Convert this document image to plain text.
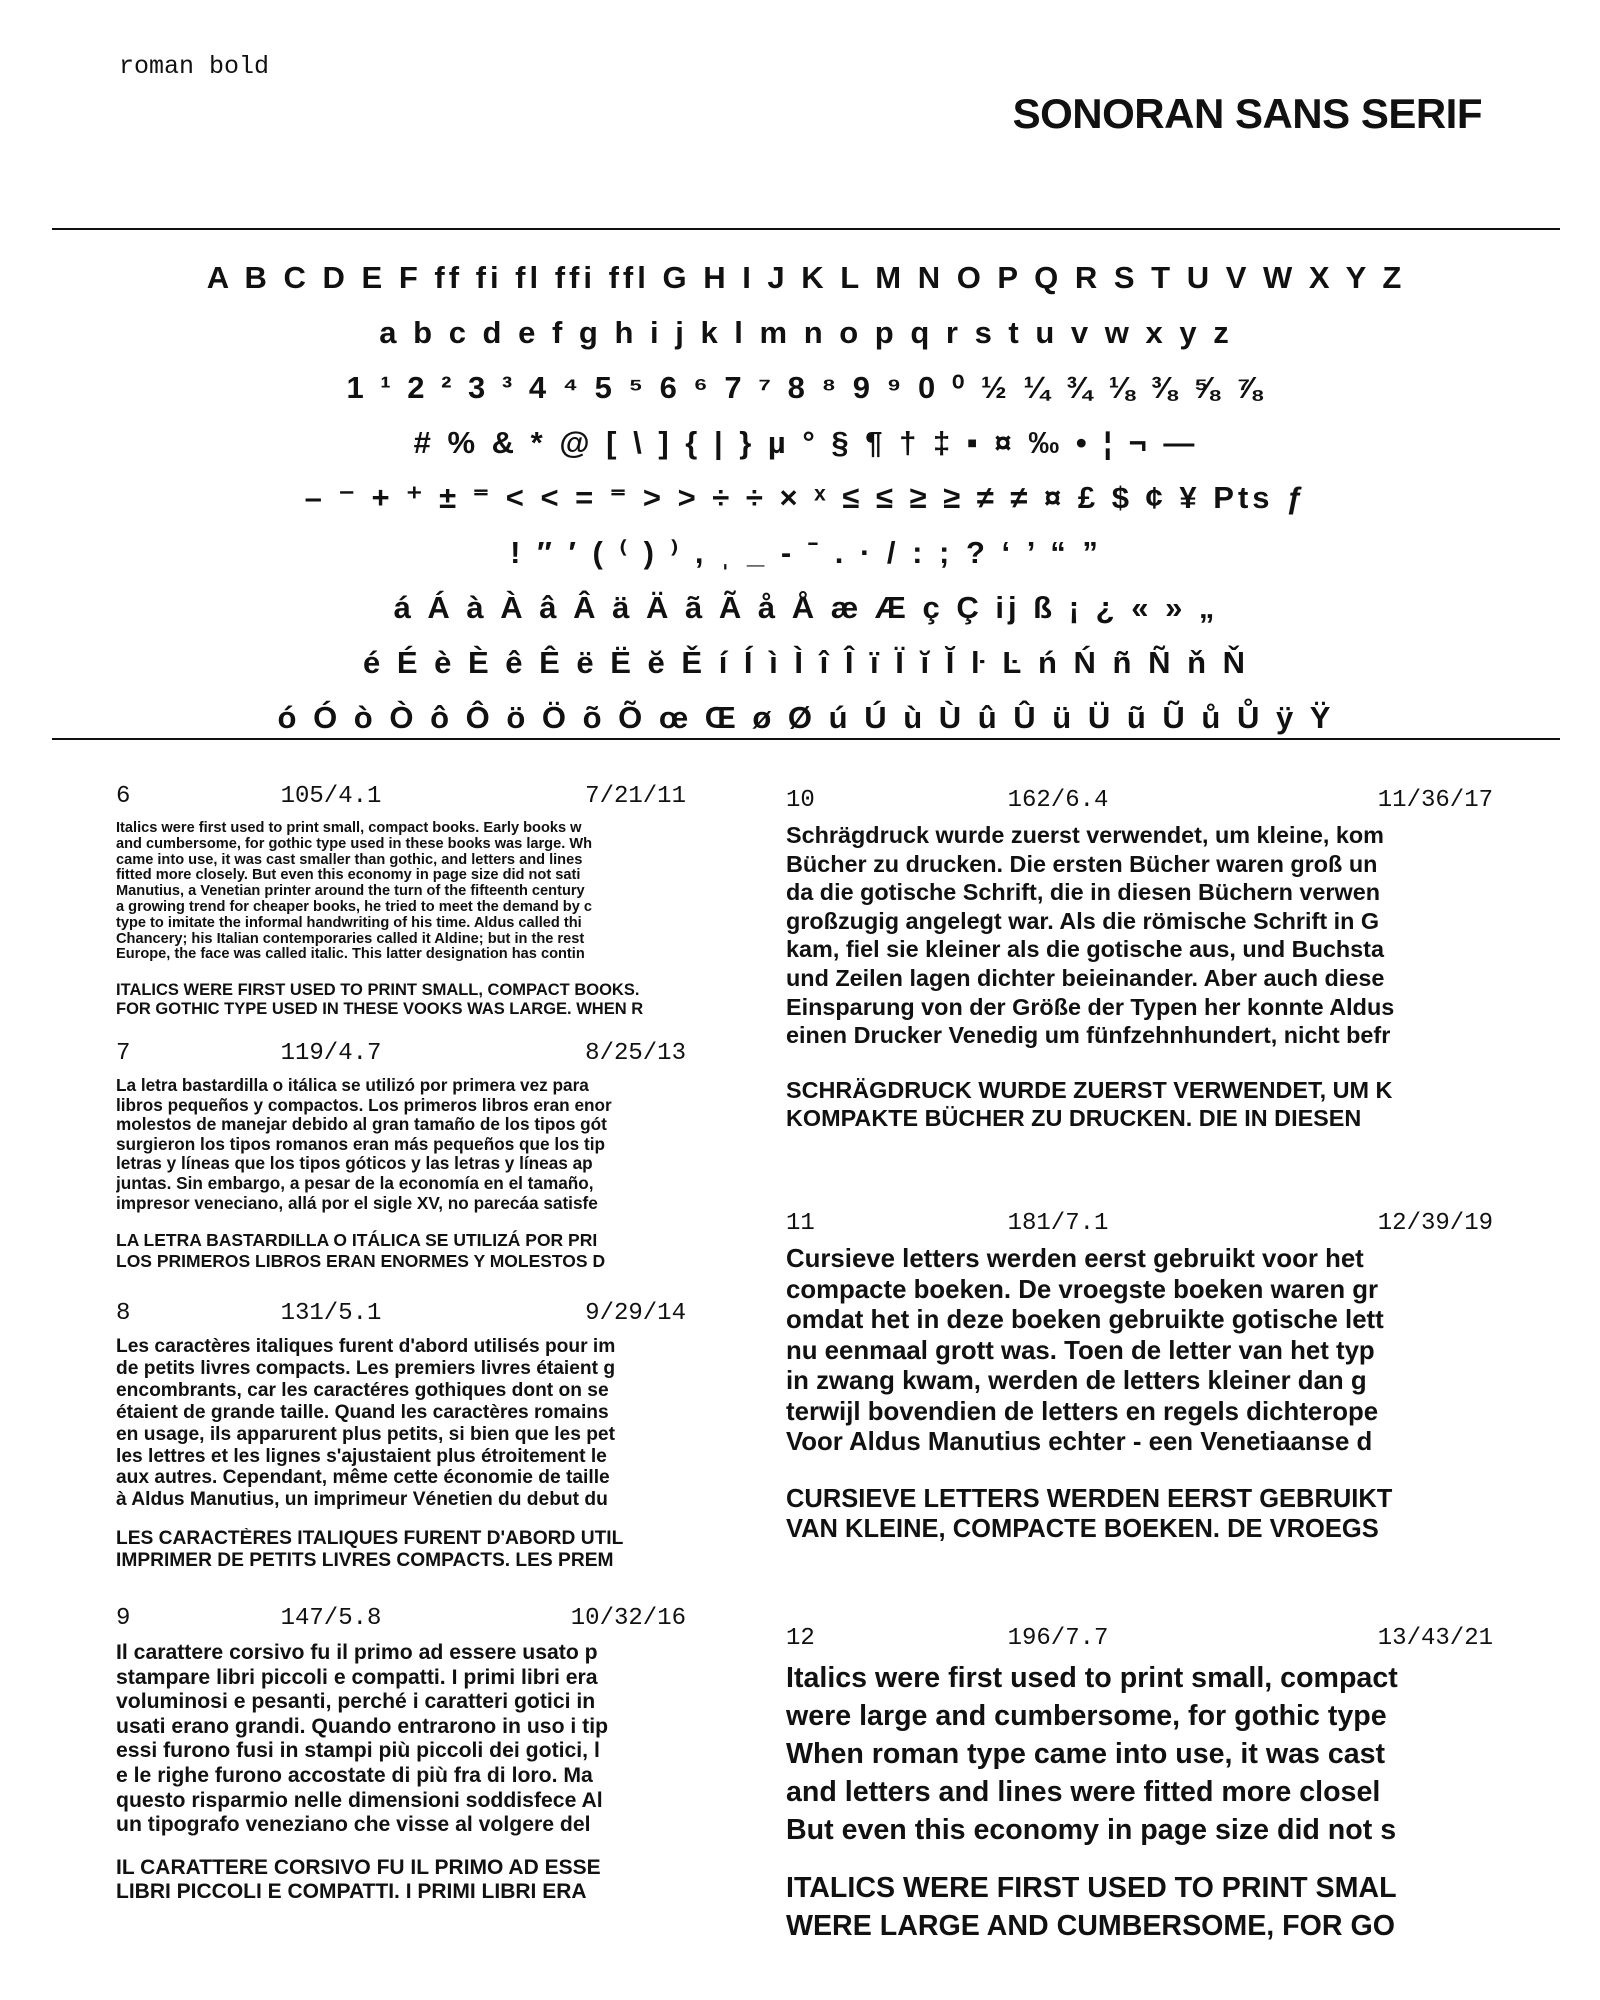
roman bold
SONORAN SANS SERIF
A B C D E F ff fi fl ffi ffl G H I J K L M N O P Q R S T U V W X Y Z
a b c d e f g h i j k l m n o p q r s t u v w x y z
1 ¹ 2 ² 3 ³ 4 ⁴ 5 ⁵ 6 ⁶ 7 ⁷ 8 ⁸ 9 ⁹ 0 ⁰ ½ ¼ ¾ ⅛ ⅜ ⅝ ⅞
# % & * @ [ \ ] { | } µ ° § ¶ † ‡ ▪ ¤ ‰ • ¦ ¬ —
– ⁻ + ⁺ ± ⁼ < ˂ = ⁼ > ˃ ÷ ÷ × ˣ ≤ ≤ ≥ ≥ ≠ ≠ ¤ £ $ ¢ ¥ Pts ƒ
! ″ ′ ( ⁽ ) ⁾ , ˌ _ - ˉ . · / : ; ? ‘ ’ “ ”
á Á à À â Â ä Ä ã Ã å Å æ Æ ç Ç ij ß ¡ ¿ « » „
é É è È ê Ê ë Ë ĕ Ě í Í ì Ì î Î ï Ï ĭ Ĭ ŀ Ŀ ń Ń ñ Ñ ň Ň
ó Ó ò Ò ô Ô ö Ö õ Õ œ Œ ø Ø ú Ú ù Ù û Û ü Ü ũ Ũ ů Ů ÿ Ÿ
6	105/4.1	7/21/11
Italics were first used to print small, compact books. Early books w
and cumbersome, for gothic type used in these books was large. Wh
came into use, it was cast smaller than gothic, and letters and lines
fitted more closely. But even this economy in page size did not sati
Manutius, a Venetian printer around the turn of the fifteenth century
a growing trend for cheaper books, he tried to meet the demand by c
type to imitate the informal handwriting of his time. Aldus called thi
Chancery; his Italian contemporaries called it Aldine; but in the rest
Europe, the face was called italic. This latter designation has contin
ITALICS WERE FIRST USED TO PRINT SMALL, COMPACT BOOKS.
FOR GOTHIC TYPE USED IN THESE VOOKS WAS LARGE. WHEN R
7	119/4.7	8/25/13
La letra bastardilla o itálica se utilizó por primera vez para
libros pequeños y compactos. Los primeros libros eran enor
molestos de manejar debido al gran tamaño de los tipos gót
surgieron los tipos romanos eran más pequeños que los tip
letras y líneas que los tipos góticos y las letras y líneas ap
juntas. Sin embargo, a pesar de la economía en el tamaño,
impresor veneciano, allá por el sigle XV, no parecáa satisfe
LA LETRA BASTARDILLA O ITÁLICA SE UTILIZÁ POR PRI
LOS PRIMEROS LIBROS ERAN ENORMES Y MOLESTOS D
8	131/5.1	9/29/14
Les caractères italiques furent d'abord utilisés pour im
de petits livres compacts. Les premiers livres étaient g
encombrants, car les caractéres gothiques dont on se
étaient de grande taille. Quand les caractères romains
en usage, ils apparurent plus petits, si bien que les pet
les lettres et les lignes s'ajustaient plus étroitement le
aux autres. Cependant, même cette économie de taille
à Aldus Manutius, un imprimeur Vénetien du debut du
LES CARACTÈRES ITALIQUES FURENT D'ABORD UTIL
IMPRIMER DE PETITS LIVRES COMPACTS. LES PREM
9	147/5.8	10/32/16
Il carattere corsivo fu il primo ad essere usato p
stampare libri piccoli e compatti. I primi libri era
voluminosi e pesanti, perché i caratteri gotici in
usati erano grandi. Quando entrarono in uso i tip
essi furono fusi in stampi più piccoli dei gotici, l
e le righe furono accostate di più fra di loro. Ma
questo risparmio nelle dimensioni soddisfece Al
un tipografo veneziano che visse al volgere del
IL CARATTERE CORSIVO FU IL PRIMO AD ESSE
LIBRI PICCOLI E COMPATTI. I PRIMI LIBRI ERA
10	162/6.4	11/36/17
Schrägdruck wurde zuerst verwendet, um kleine, kom
Bücher zu drucken. Die ersten Bücher waren groß un
da die gotische Schrift, die in diesen Büchern verwen
großzugig angelegt war. Als die römische Schrift in G
kam, fiel sie kleiner als die gotische aus, und Buchsta
und Zeilen lagen dichter beieinander. Aber auch diese
Einsparung von der Größe der Typen her konnte Aldus
einen Drucker Venedig um fünfzehnhundert, nicht befr
SCHRÄGDRUCK WURDE ZUERST VERWENDET, UM K
KOMPAKTE BÜCHER ZU DRUCKEN. DIE IN DIESEN
11	181/7.1	12/39/19
Cursieve letters werden eerst gebruikt voor het
compacte boeken. De vroegste boeken waren gr
omdat het in deze boeken gebruikte gotische lett
nu eenmaal grott was. Toen de letter van het typ
in zwang kwam, werden de letters kleiner dan g
terwijl bovendien de letters en regels dichterope
Voor Aldus Manutius echter - een Venetiaanse d
CURSIEVE LETTERS WERDEN EERST GEBRUIKT
VAN KLEINE, COMPACTE BOEKEN. DE VROEGS
12	196/7.7	13/43/21
Italics were first used to print small, compact
were large and cumbersome, for gothic type
When roman type came into use, it was cast
and letters and lines were fitted more closel
But even this economy in page size did not s
ITALICS WERE FIRST USED TO PRINT SMAL
WERE LARGE AND CUMBERSOME, FOR GO
